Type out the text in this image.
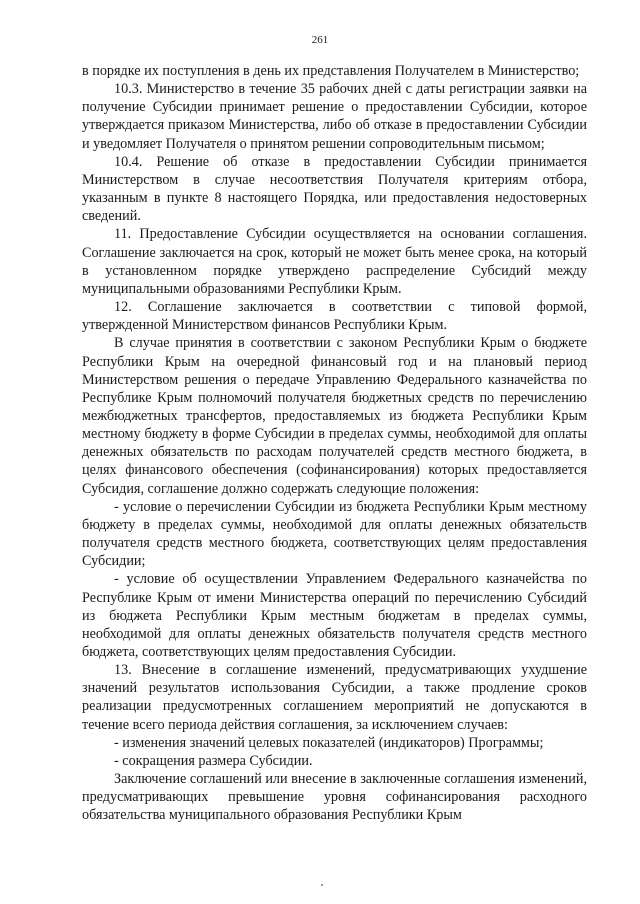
261

в порядке их поступления в день их представления Получателем в Министерство;

10.3. Министерство в течение 35 рабочих дней с даты регистрации заявки на получение Субсидии принимает решение о предоставлении Субсидии, которое утверждается приказом Министерства, либо об отказе в предоставлении Субсидии и уведомляет Получателя о принятом решении сопроводительным письмом;

10.4. Решение об отказе в предоставлении Субсидии принимается Министерством в случае несоответствия Получателя критериям отбора, указанным в пункте 8 настоящего Порядка, или предоставления недостоверных сведений.

11. Предоставление Субсидии осуществляется на основании соглашения. Соглашение заключается на срок, который не может быть менее срока, на который в установленном порядке утверждено распределение Субсидий между муниципальными образованиями Республики Крым.

12. Соглашение заключается в соответствии с типовой формой, утвержденной Министерством финансов Республики Крым.

В случае принятия в соответствии с законом Республики Крым о бюджете Республики Крым на очередной финансовый год и на плановый период Министерством решения о передаче Управлению Федерального казначейства по Республике Крым полномочий получателя бюджетных средств по перечислению межбюджетных трансфертов, предоставляемых из бюджета Республики Крым местному бюджету в форме Субсидии в пределах суммы, необходимой для оплаты денежных обязательств по расходам получателей средств местного бюджета, в целях финансового обеспечения (софинансирования) которых предоставляется Субсидия, соглашение должно содержать следующие положения:

- условие о перечислении Субсидии из бюджета Республики Крым местному бюджету в пределах суммы, необходимой для оплаты денежных обязательств получателя средств местного бюджета, соответствующих целям предоставления Субсидии;

- условие об осуществлении Управлением Федерального казначейства по Республике Крым от имени Министерства операций по перечислению Субсидий из бюджета Республики Крым местным бюджетам в пределах суммы, необходимой для оплаты денежных обязательств получателя средств местного бюджета, соответствующих целям предоставления Субсидии.

13. Внесение в соглашение изменений, предусматривающих ухудшение значений результатов использования Субсидии, а также продление сроков реализации предусмотренных соглашением мероприятий не допускаются в течение всего периода действия соглашения, за исключением случаев:

- изменения значений целевых показателей (индикаторов) Программы;

- сокращения размера Субсидии.

Заключение соглашений или внесение в заключенные соглашения изменений, предусматривающих превышение уровня софинансирования расходного обязательства муниципального образования Республики Крым
